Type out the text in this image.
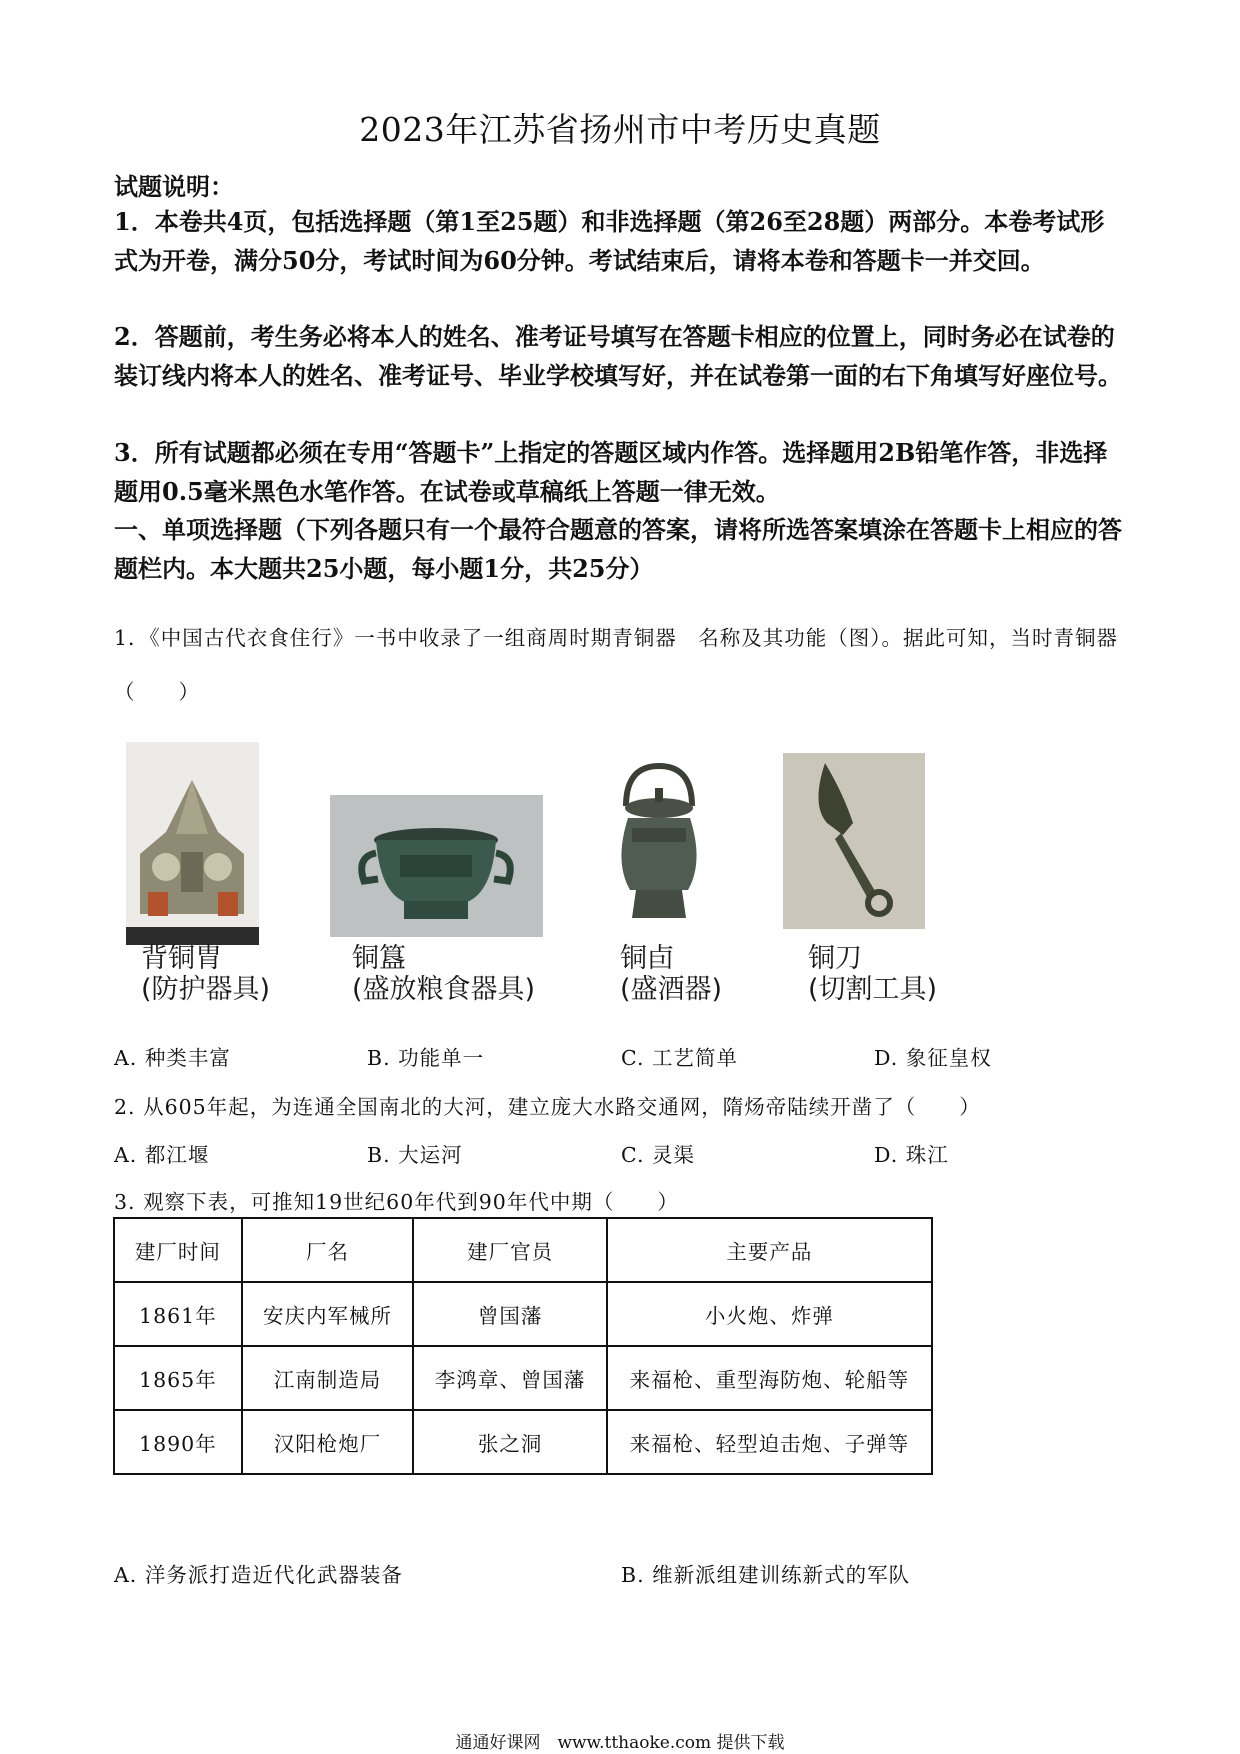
2023年江苏省扬州市中考历史真题
试题说明：
1．本卷共4页，包括选择题（第1至25题）和非选择题（第26至28题）两部分。本卷考试形式为开卷，满分50分，考试时间为60分钟。考试结束后，请将本卷和答题卡一并交回。
2．答题前，考生务必将本人的姓名、准考证号填写在答题卡相应的位置上，同时务必在试卷的装订线内将本人的姓名、准考证号、毕业学校填写好，并在试卷第一面的右下角填写好座位号。
3．所有试题都必须在专用“答题卡”上指定的答题区域内作答。选择题用2B铅笔作答，非选择题用0.5毫米黑色水笔作答。在试卷或草稿纸上答题一律无效。
一、单项选择题（下列各题只有一个最符合题意的答案，请将所选答案填涂在答题卡上相应的答题栏内。本大题共25小题，每小题1分，共25分）
1．《中国古代衣食住行》一书中收录了一组商周时期青铜器　名称及其功能（图）。据此可知，当时青铜器（　　）
背铜胄
(防护器具)
铜簋
(盛放粮食器具)
铜卣
(盛酒器)
铜刀
(切割工具)
A. 种类丰富	B. 功能单一	C. 工艺简单	D. 象征皇权
2. 从605年起，为连通全国南北的大河，建立庞大水路交通网，隋炀帝陆续开凿了（　　）
A. 都江堰	B. 大运河	C. 灵渠	D. 珠江
3. 观察下表，可推知19世纪60年代到90年代中期（　　）
建厂时间	厂名	建厂官员	主要产品
1861年	安庆内军械所	曾国藩	小火炮、炸弹
1865年	江南制造局	李鸿章、曾国藩	来福枪、重型海防炮、轮船等
1890年	汉阳枪炮厂	张之洞	来福枪、轻型迫击炮、子弹等
A. 洋务派打造近代化武器装备	B. 维新派组建训练新式的军队
通通好课网　www.tthaoke.com 提供下载
